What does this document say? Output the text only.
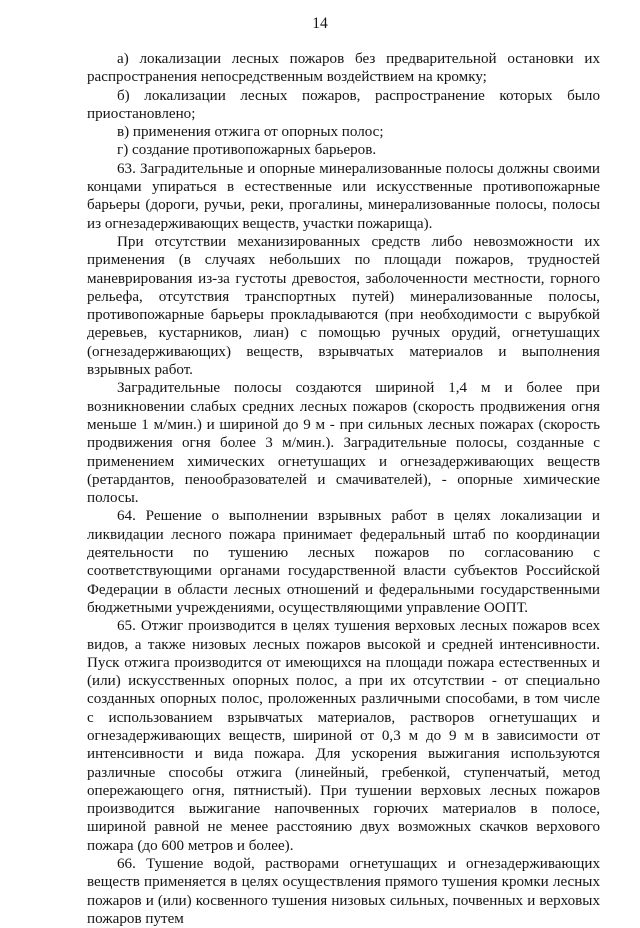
14

а) локализации лесных пожаров без предварительной остановки их распространения непосредственным воздействием на кромку;

б) локализации лесных пожаров, распространение которых было приостановлено;

в) применения отжига от опорных полос;

г) создание противопожарных барьеров.

63. Заградительные и опорные минерализованные полосы должны своими концами упираться в естественные или искусственные противопожарные барьеры (дороги, ручьи, реки, прогалины, минерализованные полосы, полосы из огнезадерживающих веществ, участки пожарища).

При отсутствии механизированных средств либо невозможности их применения (в случаях небольших по площади пожаров, трудностей маневрирования из-за густоты древостоя, заболоченности местности, горного рельефа, отсутствия транспортных путей) минерализованные полосы, противопожарные барьеры прокладываются (при необходимости с вырубкой деревьев, кустарников, лиан) с помощью ручных орудий, огнетушащих (огнезадерживающих) веществ, взрывчатых материалов и выполнения взрывных работ.

Заградительные полосы создаются шириной 1,4 м и более при возникновении слабых средних лесных пожаров (скорость продвижения огня меньше 1 м/мин.) и шириной до 9 м - при сильных лесных пожарах (скорость продвижения огня более 3 м/мин.). Заградительные полосы, созданные с применением химических огнетушащих и огнезадерживающих веществ (ретардантов, пенообразователей и смачивателей), - опорные химические полосы.

64. Решение о выполнении взрывных работ в целях локализации и ликвидации лесного пожара принимает федеральный штаб по координации деятельности по тушению лесных пожаров по согласованию с соответствующими органами государственной власти субъектов Российской Федерации в области лесных отношений и федеральными государственными бюджетными учреждениями, осуществляющими управление ООПТ.

65. Отжиг производится в целях тушения верховых лесных пожаров всех видов, а также низовых лесных пожаров высокой и средней интенсивности. Пуск отжига производится от имеющихся на площади пожара естественных и (или) искусственных опорных полос, а при их отсутствии - от специально созданных опорных полос, проложенных различными способами, в том числе с использованием взрывчатых материалов, растворов огнетушащих и огнезадерживающих веществ, шириной от 0,3 м до 9 м в зависимости от интенсивности и вида пожара. Для ускорения выжигания используются различные способы отжига (линейный, гребенкой, ступенчатый, метод опережающего огня, пятнистый). При тушении верховых лесных пожаров производится выжигание напочвенных горючих материалов в полосе, шириной равной не менее расстоянию двух возможных скачков верхового пожара (до 600 метров и более).

66. Тушение водой, растворами огнетушащих и огнезадерживающих веществ применяется в целях осуществления прямого тушения кромки лесных пожаров и (или) косвенного тушения низовых сильных, почвенных и верховых пожаров путем
